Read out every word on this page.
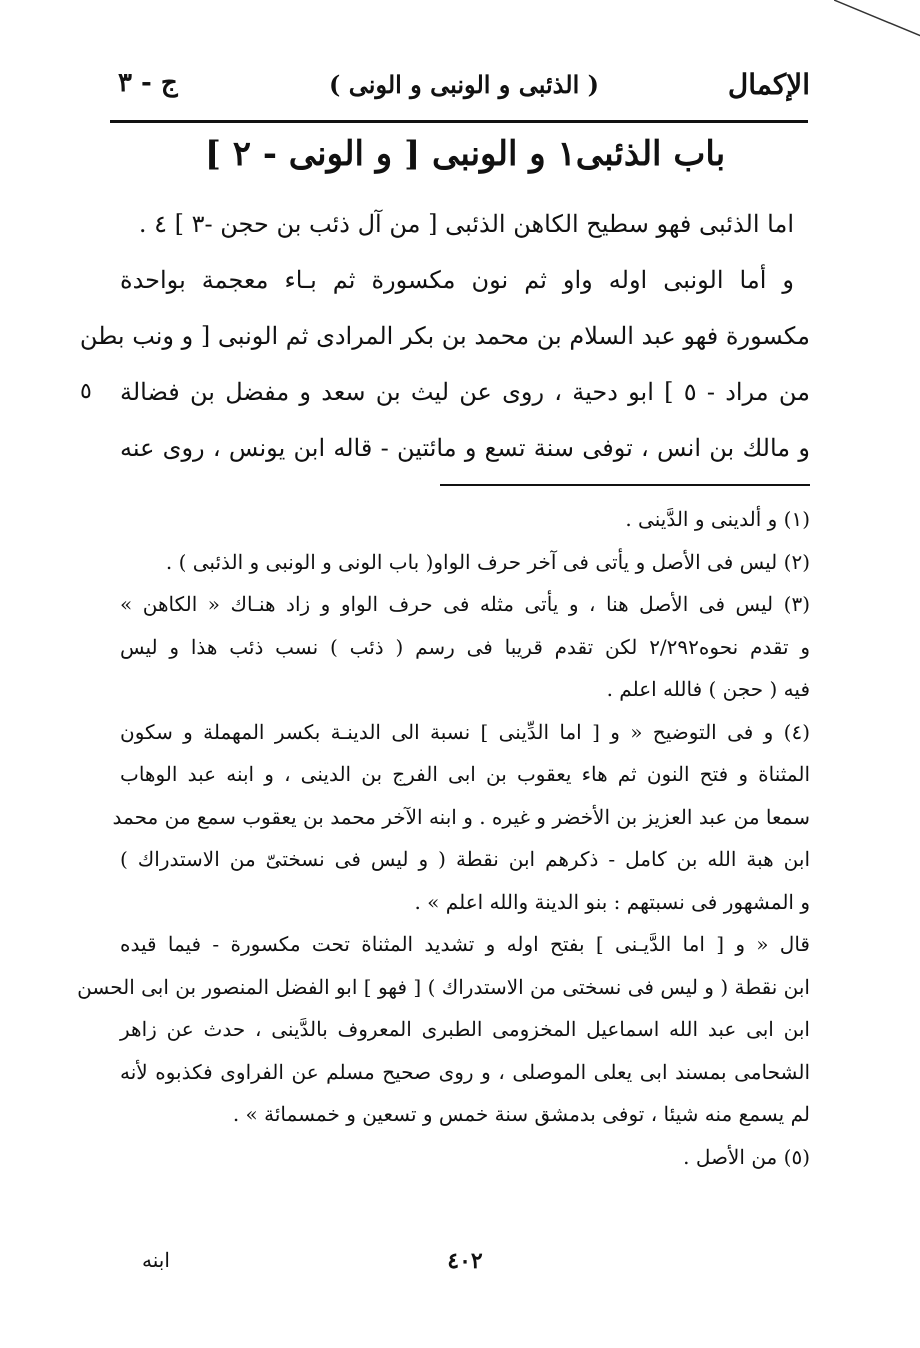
الإكمال
( الذئبى و الونبى و الونى )
ج - ٣
باب الذئبى١ و الونبى [ و الونى - ٢ ]
اما الذئبى فهو سطيح الكاهن الذئبى [ من آل ذئب بن حجن -٣ ] ٤ .
و أما الونبى اوله واو ثم نون مكسورة ثم بـاء معجمة بواحدة
مكسورة فهو عبد السلام بن محمد بن بكر المرادى ثم الونبى [ و ونب بطن
من مراد - ٥ ] ابو دحية ، روى عن ليث بن سعد و مفضل بن فضالة
٥
و مالك بن انس ، توفى سنة تسع و مائتين - قاله ابن يونس ، روى عنه
(١) و ألدينى و الدَّينى .
(٢) ليس فى الأصل و يأتى فى آخر حرف الواو( باب الونى و الونبى و الذئبى ) .
(٣) ليس فى الأصل هنا ، و يأتى مثله فى حرف الواو و زاد هنـاك « الكاهن »
و تقدم نحوه٢/٢٩٢ لكن تقدم قريبا فى رسم ( ذئب ) نسب ذئب هذا و ليس
فيه ( حجن ) فالله اعلم .
(٤) و فى التوضيح « و [ اما الدِّينى ] نسبة الى الدينـة بكسر المهملة و سكون
المثناة و فتح النون ثم هاء يعقوب بن ابى الفرج بن الدينى ، و ابنه عبد الوهاب
سمعا من عبد العزيز بن الأخضر و غيره . و ابنه الآخر محمد بن يعقوب سمع من محمد
ابن هبة الله بن كامل - ذكرهم ابن نقطة ( و ليس فى نسختىّ من الاستدراك )
و المشهور فى نسبتهم : بنو الدينة والله اعلم » .
قال « و [ اما الدَّيـنى ] بفتح اوله و تشديد المثناة تحت مكسورة - فيما قيده
ابن نقطة ( و ليس فى نسختى من الاستدراك ) [ فهو ] ابو الفضل المنصور بن ابى الحسن
ابن ابى عبد الله اسماعيل المخزومى الطبرى المعروف بالدَّينى ، حدث عن زاهر
الشحامى بمسند ابى يعلى الموصلى ، و روى صحيح مسلم عن الفراوى فكذبوه لأنه
لم يسمع منه شيئا ، توفى بدمشق سنة خمس و تسعين و خمسمائة » .
(٥) من الأصل .
٤٠٢
ابنه
